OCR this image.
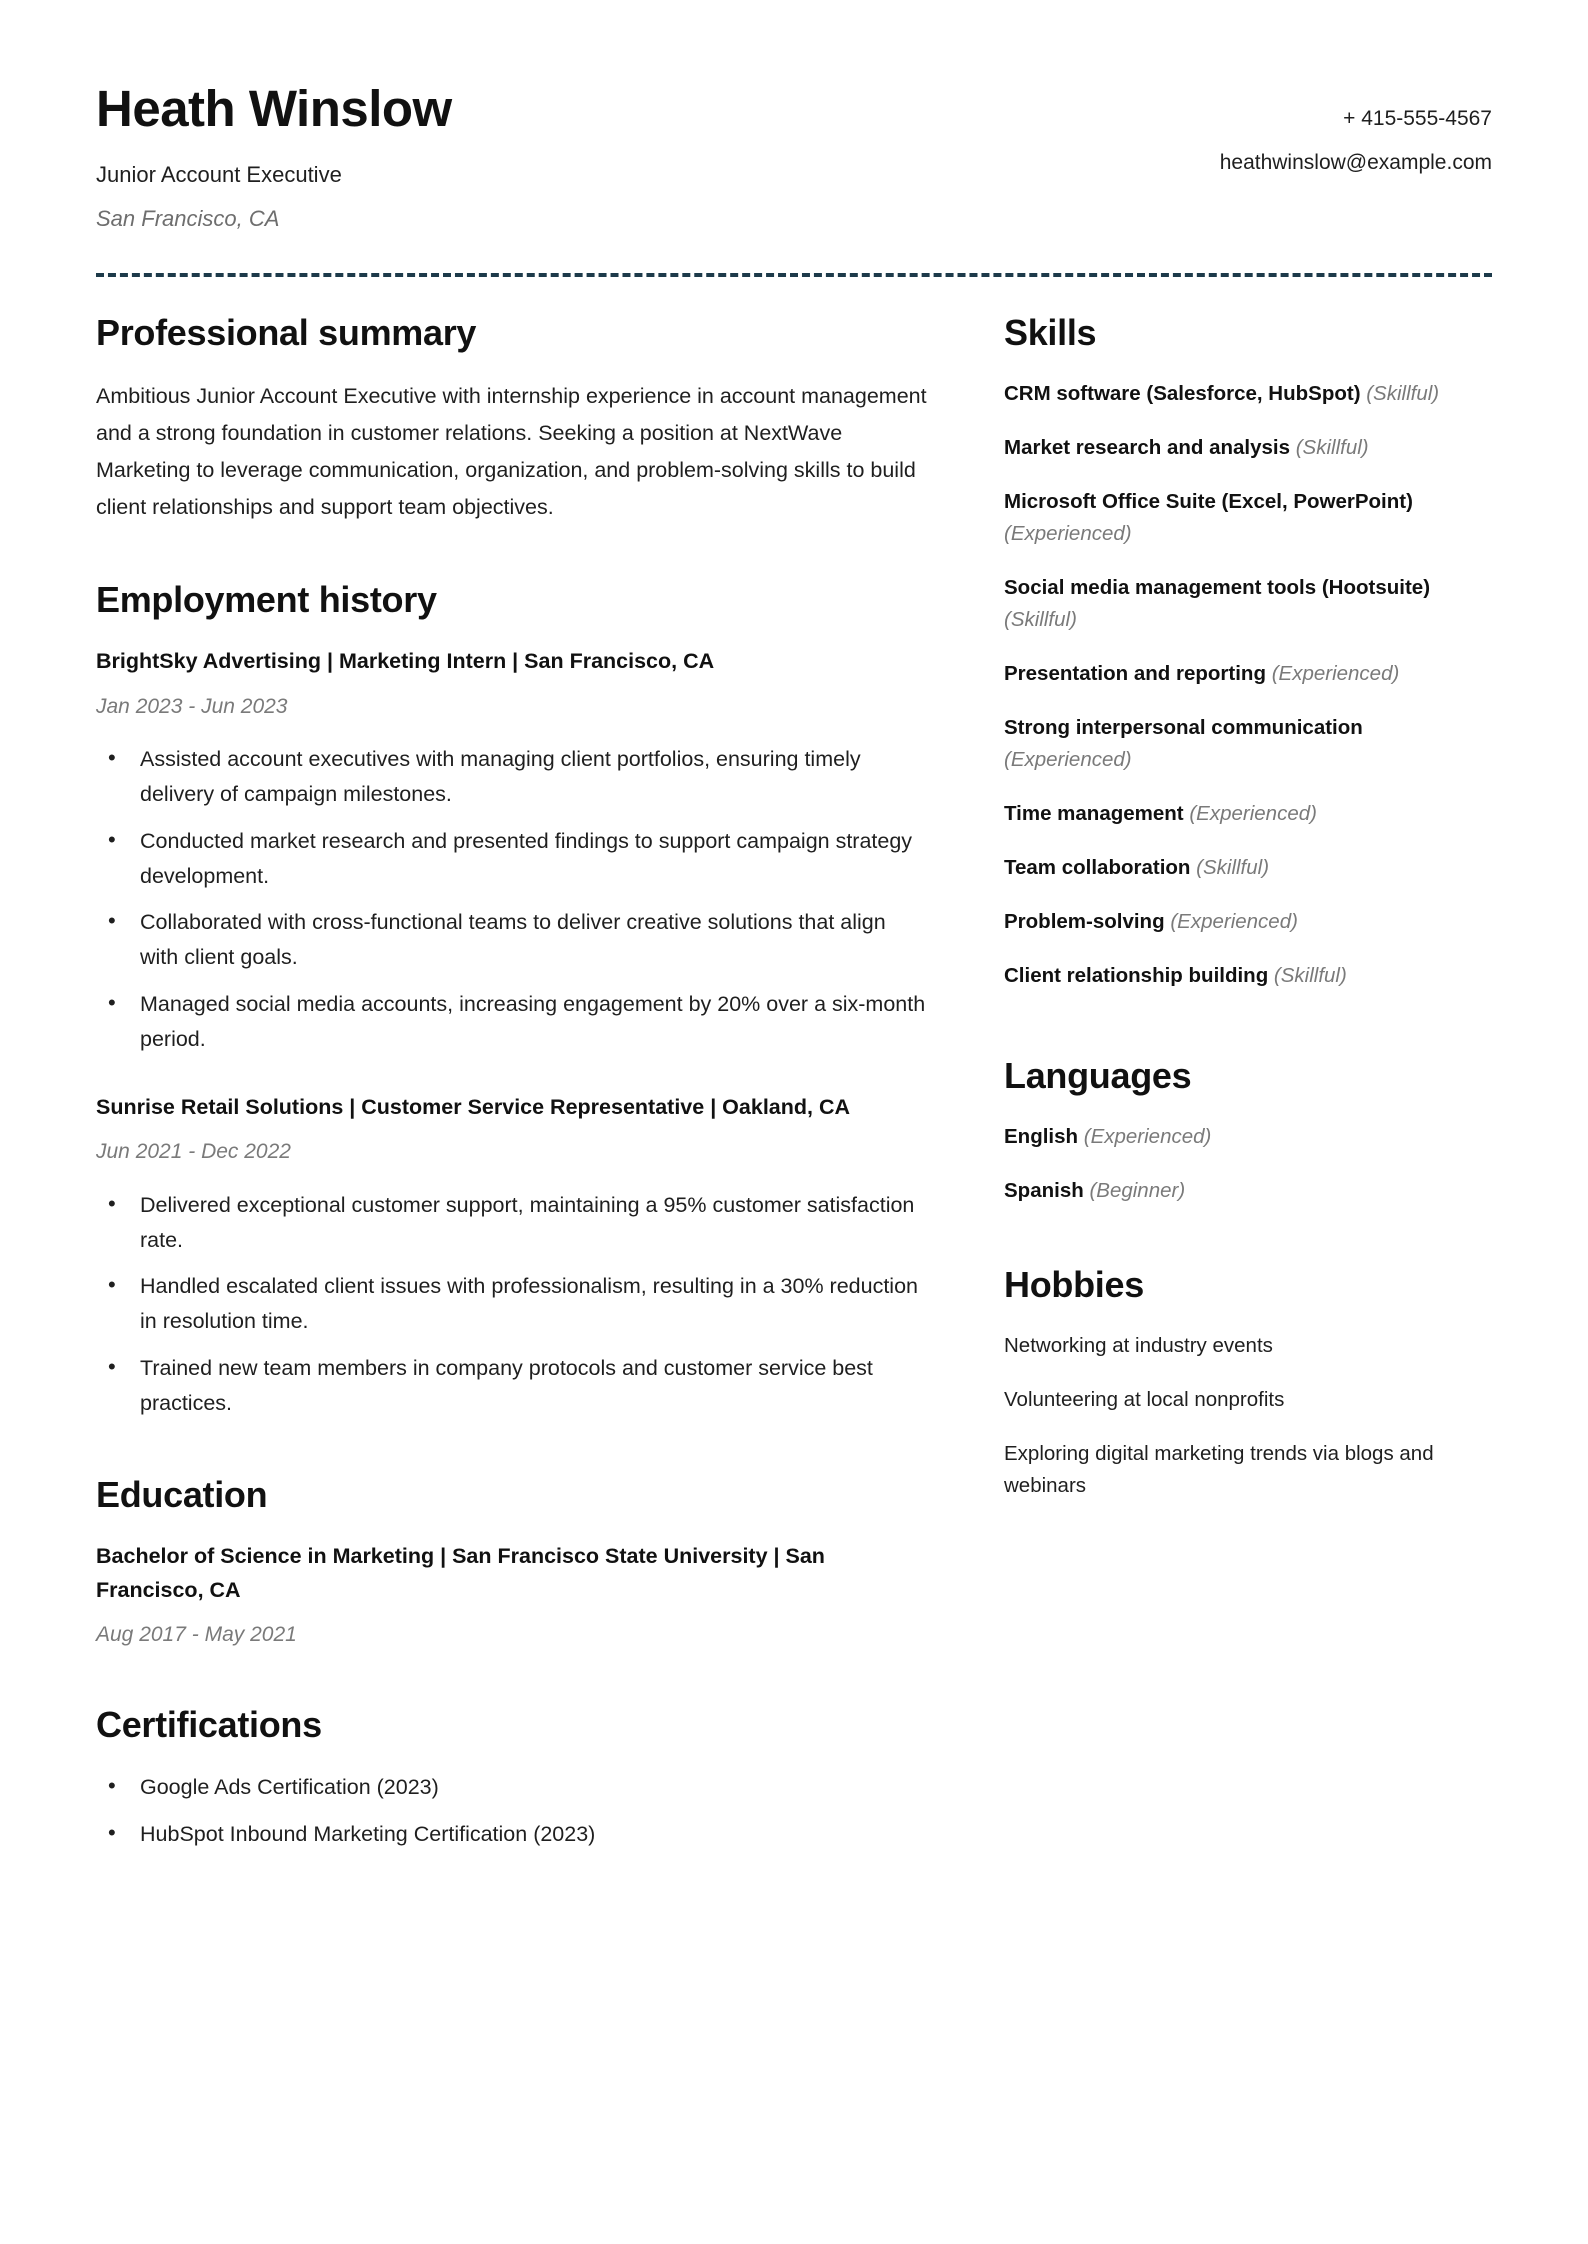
Heath Winslow

Junior Account Executive

San Francisco, CA

+ 415-555-4567

heathwinslow@example.com

Professional summary

Ambitious Junior Account Executive with internship experience in account management and a strong foundation in customer relations. Seeking a position at NextWave Marketing to leverage communication, organization, and problem-solving skills to build client relationships and support team objectives.

Employment history

BrightSky Advertising | Marketing Intern | San Francisco, CA

Jan 2023 - Jun 2023

• Assisted account executives with managing client portfolios, ensuring timely delivery of campaign milestones.
• Conducted market research and presented findings to support campaign strategy development.
• Collaborated with cross-functional teams to deliver creative solutions that align with client goals.
• Managed social media accounts, increasing engagement by 20% over a six-month period.

Sunrise Retail Solutions | Customer Service Representative | Oakland, CA

Jun 2021 - Dec 2022

• Delivered exceptional customer support, maintaining a 95% customer satisfaction rate.
• Handled escalated client issues with professionalism, resulting in a 30% reduction in resolution time.
• Trained new team members in company protocols and customer service best practices.
Education

Bachelor of Science in Marketing | San Francisco State University | San Francisco, CA

Aug 2017 - May 2021

Certifications
• Google Ads Certification (2023)
• HubSpot Inbound Marketing Certification (2023)
Skills

CRM software (Salesforce, HubSpot) (Skillful)

Market research and analysis (Skillful)

Microsoft Office Suite (Excel, PowerPoint) (Experienced)

Social media management tools (Hootsuite) (Skillful)

Presentation and reporting (Experienced)

Strong interpersonal communication (Experienced)

Time management (Experienced)

Team collaboration (Skillful)

Problem-solving (Experienced)

Client relationship building (Skillful)

Languages

English (Experienced)

Spanish (Beginner)

Hobbies

Networking at industry events

Volunteering at local nonprofits

Exploring digital marketing trends via blogs and webinars
